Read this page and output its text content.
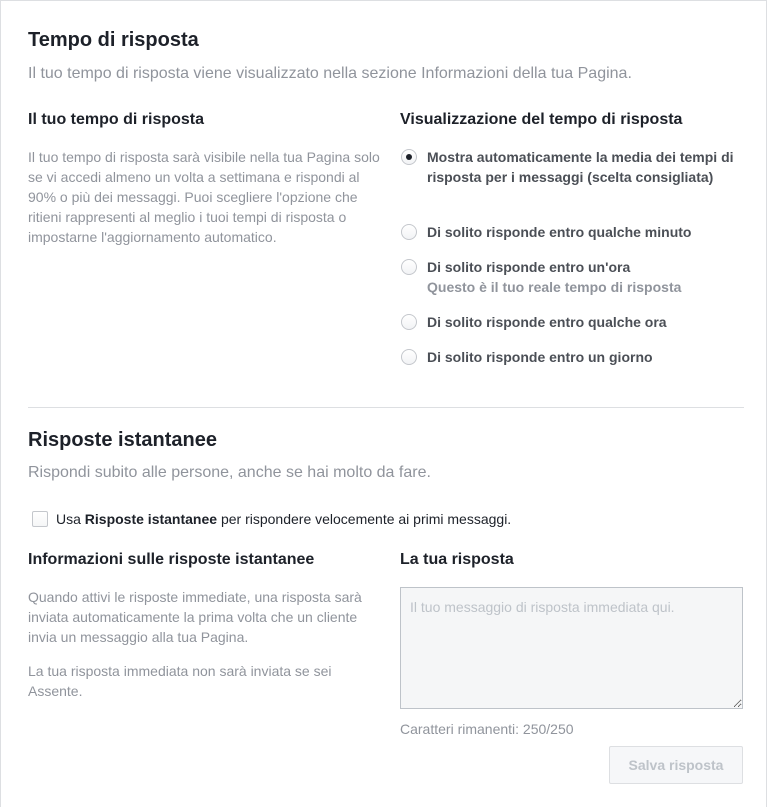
Tempo di risposta
Il tuo tempo di risposta viene visualizzato nella sezione Informazioni della tua Pagina.
Il tuo tempo di risposta
Il tuo tempo di risposta sarà visibile nella tua Pagina solo se vi accedi almeno un volta a settimana e rispondi al 90% o più dei messaggi. Puoi scegliere l'opzione che ritieni rappresenti al meglio i tuoi tempi di risposta o impostarne l'aggiornamento automatico.
Visualizzazione del tempo di risposta
Mostra automaticamente la media dei tempi di risposta per i messaggi (scelta consigliata)
Di solito risponde entro qualche minuto
Di solito risponde entro un'ora
Questo è il tuo reale tempo di risposta
Di solito risponde entro qualche ora
Di solito risponde entro un giorno
Risposte istantanee
Rispondi subito alle persone, anche se hai molto da fare.
Usa Risposte istantanee per rispondere velocemente ai primi messaggi.
Informazioni sulle risposte istantanee
Quando attivi le risposte immediate, una risposta sarà inviata automaticamente la prima volta che un cliente invia un messaggio alla tua Pagina.
La tua risposta immediata non sarà inviata se sei Assente.
La tua risposta
Il tuo messaggio di risposta immediata qui.
Caratteri rimanenti: 250/250
Salva risposta
